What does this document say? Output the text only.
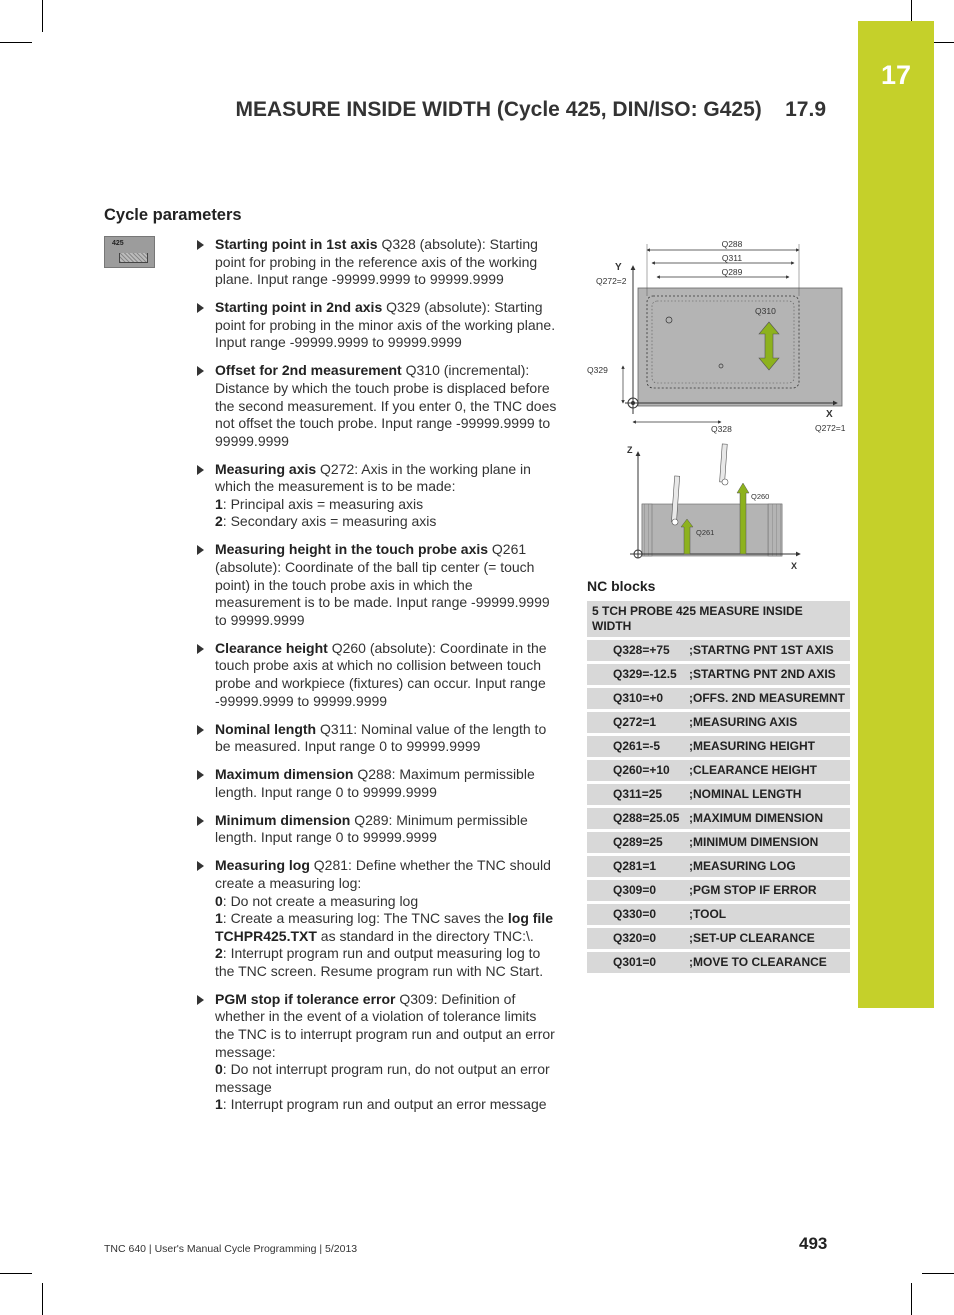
17
MEASURE INSIDE WIDTH (Cycle 425, DIN/ISO: G425) 17.9
Cycle parameters
425	Starting point in 1st axis Q328 (absolute): Starting point for probing in the reference axis of the working plane. Input range -99999.9999 to 99999.9999
Starting point in 2nd axis Q329 (absolute): Starting point for probing in the minor axis of the working plane. Input range -99999.9999 to 99999.9999
Offset for 2nd measurement Q310 (incremental): Distance by which the touch probe is displaced before the second measurement. If you enter 0, the TNC does not offset the touch probe. Input range -99999.9999 to 99999.9999
Measuring axis Q272: Axis in the working plane in which the measurement is to be made:
1: Principal axis = measuring axis
2: Secondary axis = measuring axis
Measuring height in the touch probe axis Q261 (absolute): Coordinate of the ball tip center (= touch point) in the touch probe axis in which the measurement is to be made. Input range -99999.9999 to 99999.9999
Clearance height Q260 (absolute): Coordinate in the touch probe axis at which no collision between touch probe and workpiece (fixtures) can occur. Input range -99999.9999 to 99999.9999
Nominal length Q311: Nominal value of the length to be measured. Input range 0 to 99999.9999
Maximum dimension Q288: Maximum permissible length. Input range 0 to 99999.9999
Minimum dimension Q289: Minimum permissible length. Input range 0 to 99999.9999
Measuring log Q281: Define whether the TNC should create a measuring log:
0: Do not create a measuring log
1: Create a measuring log: The TNC saves the log file TCHPR425.TXT as standard in the directory TNC:\.
2: Interrupt program run and output measuring log to the TNC screen. Resume program run with NC Start.
PGM stop if tolerance error Q309: Definition of whether in the event of a violation of tolerance limits the TNC is to interrupt program run and output an error message:
0: Do not interrupt program run, do not output an error message
1: Interrupt program run and output an error message
Q288
Q311
Q289
Y
Q272=2
Q310
Q329
X
Q328	Q272=1
Z
X
Q260
Q261
NC blocks
5 TCH PROBE 425 MEASURE INSIDE WIDTH	
Q328=+75	;STARTNG PNT 1ST AXIS
Q329=-12.5	;STARTNG PNT 2ND AXIS
Q310=+0	;OFFS. 2ND MEASUREMNT
Q272=1	;MEASURING AXIS
Q261=-5	;MEASURING HEIGHT
Q260=+10	;CLEARANCE HEIGHT
Q311=25	;NOMINAL LENGTH
Q288=25.05	;MAXIMUM DIMENSION
Q289=25	;MINIMUM DIMENSION
Q281=1	;MEASURING LOG
Q309=0	;PGM STOP IF ERROR
Q330=0	;TOOL
Q320=0	;SET-UP CLEARANCE
Q301=0	;MOVE TO CLEARANCE
TNC 640 | User's Manual Cycle Programming | 5/2013	493
